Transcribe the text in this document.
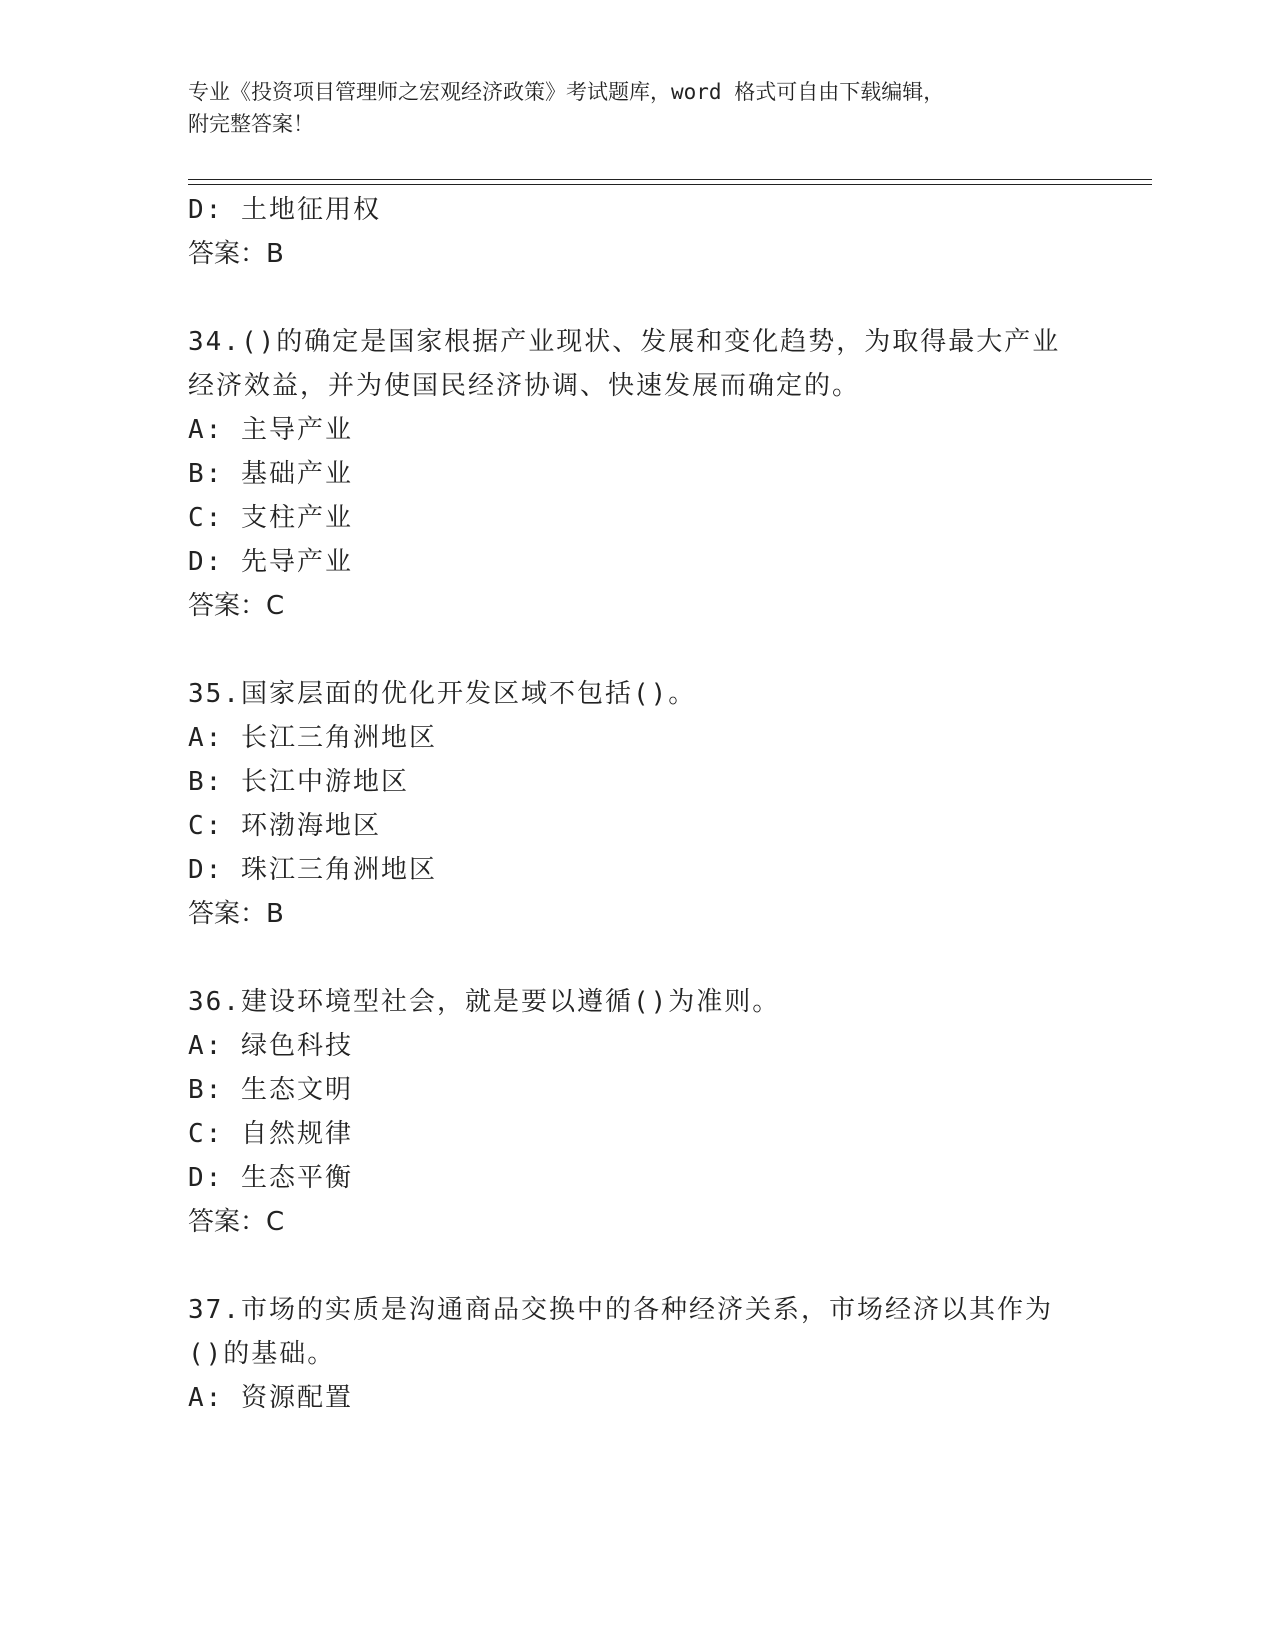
专业《投资项目管理师之宏观经济政策》考试题库，word 格式可自由下载编辑，
附完整答案！
D: 土地征用权
答案：B
34.()的确定是国家根据产业现状、发展和变化趋势，为取得最大产业
经济效益，并为使国民经济协调、快速发展而确定的。
A: 主导产业
B: 基础产业
C: 支柱产业
D: 先导产业
答案：C
35.国家层面的优化开发区域不包括()。
A: 长江三角洲地区
B: 长江中游地区
C: 环渤海地区
D: 珠江三角洲地区
答案：B
36.建设环境型社会，就是要以遵循()为准则。
A: 绿色科技
B: 生态文明
C: 自然规律
D: 生态平衡
答案：C
37.市场的实质是沟通商品交换中的各种经济关系，市场经济以其作为
()的基础。
A: 资源配置
